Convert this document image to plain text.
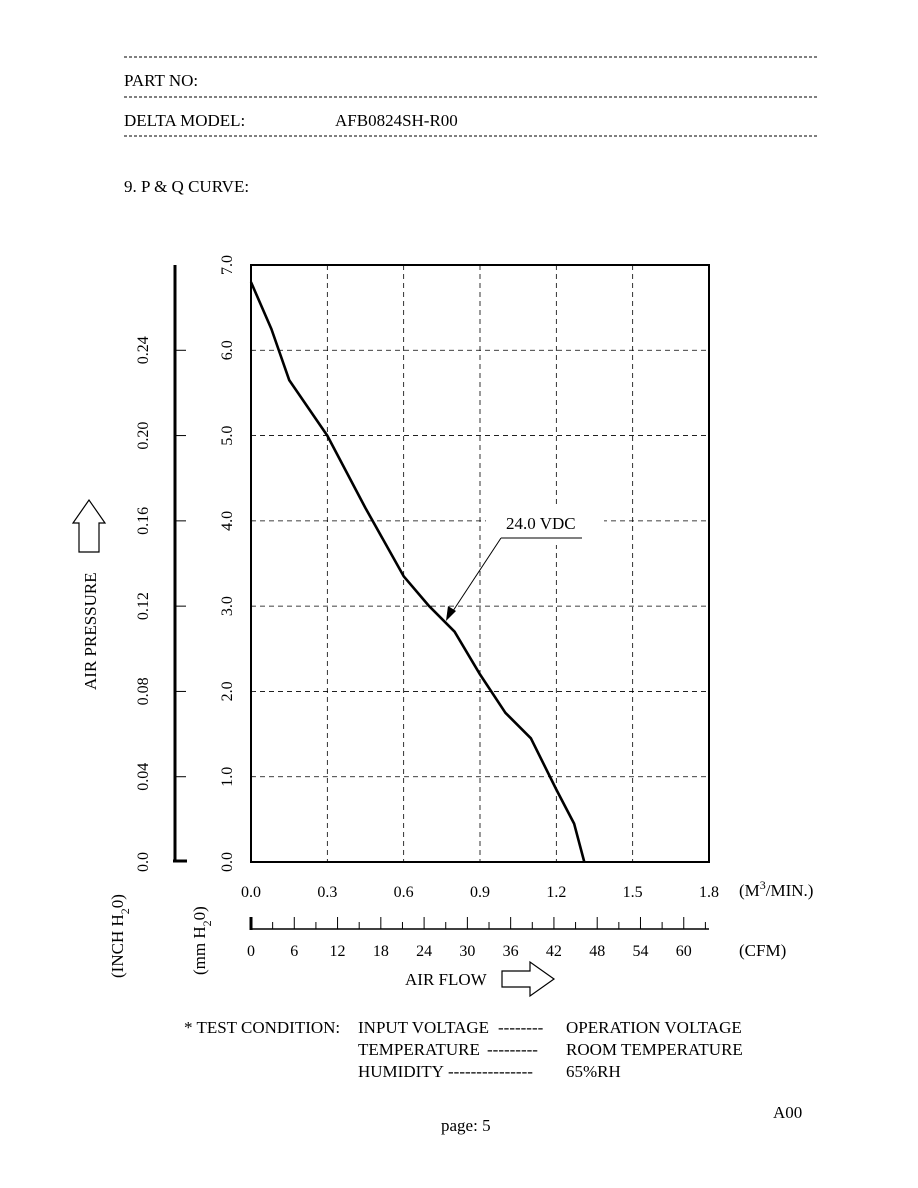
PART NO:
DELTA MODEL:	AFB0824SH-R00
9. P & Q CURVE:
0.0
1.0
2.0
3.0
4.0
5.0
6.0
7.0
0.0
0.04
0.08
0.12
0.16
0.20
0.24
0.0	0.3	0.6	0.9	1.2	1.5	1.8 $(M^3/MIN.)$
0 6 12 18 24 30 36 42 48 54 60	(CFM)
AIR FLOW
AIR PRESSURE
(INCH $H_20$)
(mm $H_20$)
24.0 VDC
* TEST CONDITION: INPUT VOLTAGE -------- OPERATION VOLTAGE
TEMPERATURE --------- ROOM TEMPERATURE
HUMIDITY --------------- 65%RH
A00
page: 5
